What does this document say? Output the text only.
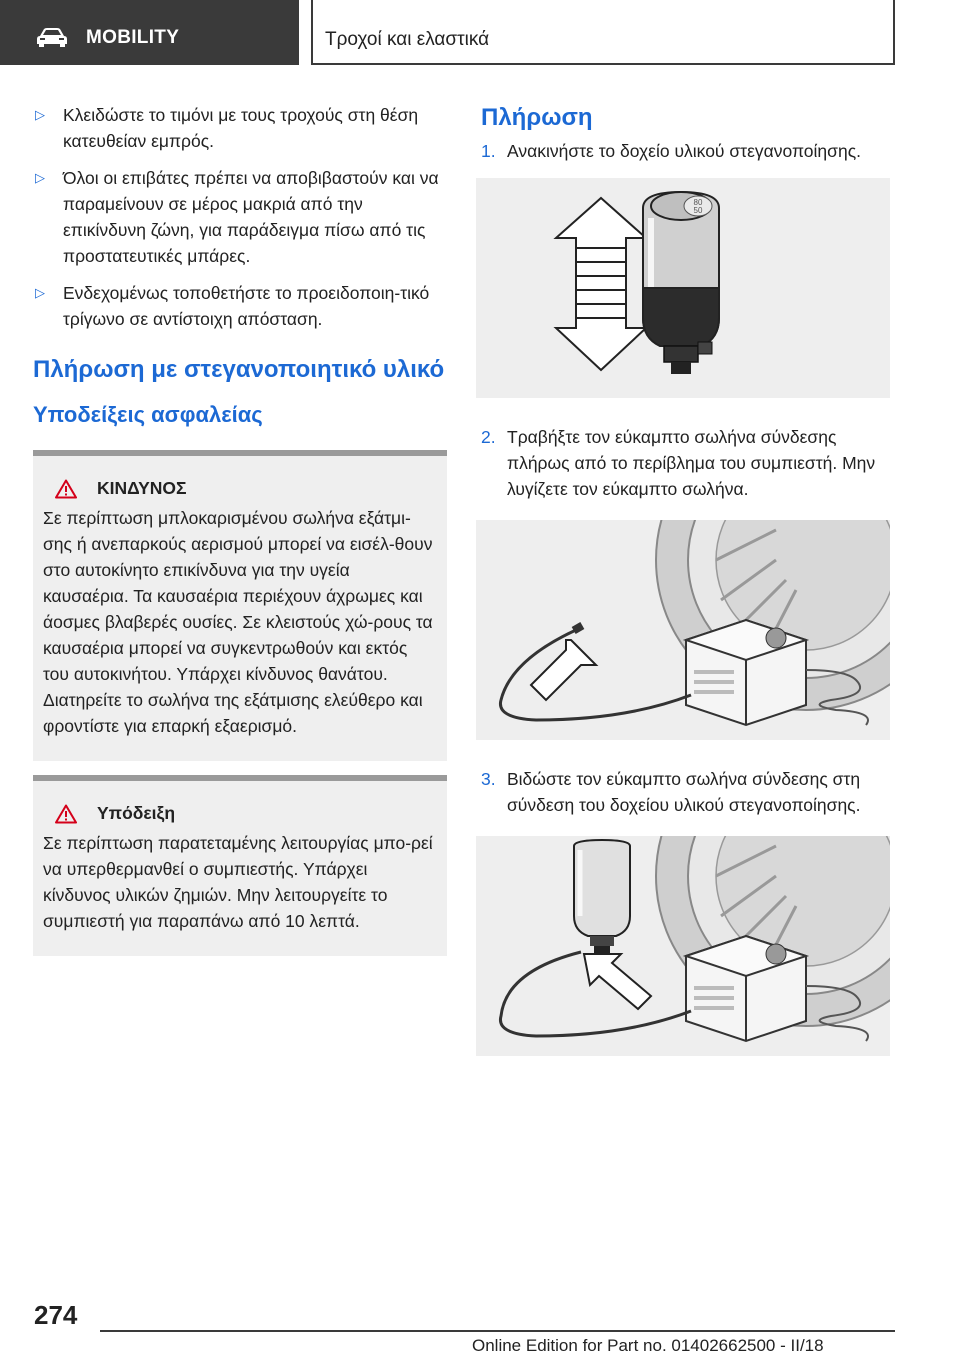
MOBILITY	Τροχοί και ελαστικά
▷ Κλειδώστε το τιμόνι με τους τροχούς στη θέση κατευθείαν εμπρός.
▷ Όλοι οι επιβάτες πρέπει να αποβιβαστούν και να παραμείνουν σε μέρος μακριά από την επικίνδυνη ζώνη, για παράδειγμα πίσω από τις προστατευτικές μπάρες.
▷ Ενδεχομένως τοποθετήστε το προειδοποιη-τικό τρίγωνο σε αντίστοιχη απόσταση.
Πλήρωση με στεγανοποιητικό υλικό
Υποδείξεις ασφαλείας
ΚΙΝΔΥΝΟΣ
Σε περίπτωση μπλοκαρισμένου σωλήνα εξάτμι-σης ή ανεπαρκούς αερισμού μπορεί να εισέλ-θουν στο αυτοκίνητο επικίνδυνα για την υγεία καυσαέρια. Τα καυσαέρια περιέχουν άχρωμες και άοσμες βλαβερές ουσίες. Σε κλειστούς χώ-ρους τα καυσαέρια μπορεί να συγκεντρωθούν και εκτός του αυτοκινήτου. Υπάρχει κίνδυνος θανάτου. Διατηρείτε το σωλήνα της εξάτμισης ελεύθερο και φροντίστε για επαρκή εξαερισμό.
Υπόδειξη
Σε περίπτωση παρατεταμένης λειτουργίας μπο-ρεί να υπερθερμανθεί ο συμπιεστής. Υπάρχει κίνδυνος υλικών ζημιών. Μην λειτουργείτε το συμπιεστή για παραπάνω από 10 λεπτά.
Πλήρωση
1. Ανακινήστε το δοχείο υλικού στεγανοποίησης.
80
50
2. Τραβήξτε τον εύκαμπτο σωλήνα σύνδεσης πλήρως από το περίβλημα του συμπιεστή. Μην λυγίζετε τον εύκαμπτο σωλήνα.
3. Βιδώστε τον εύκαμπτο σωλήνα σύνδεσης στη σύνδεση του δοχείου υλικού στεγανοποίησης.
274
Online Edition for Part no. 01402662500 - II/18
